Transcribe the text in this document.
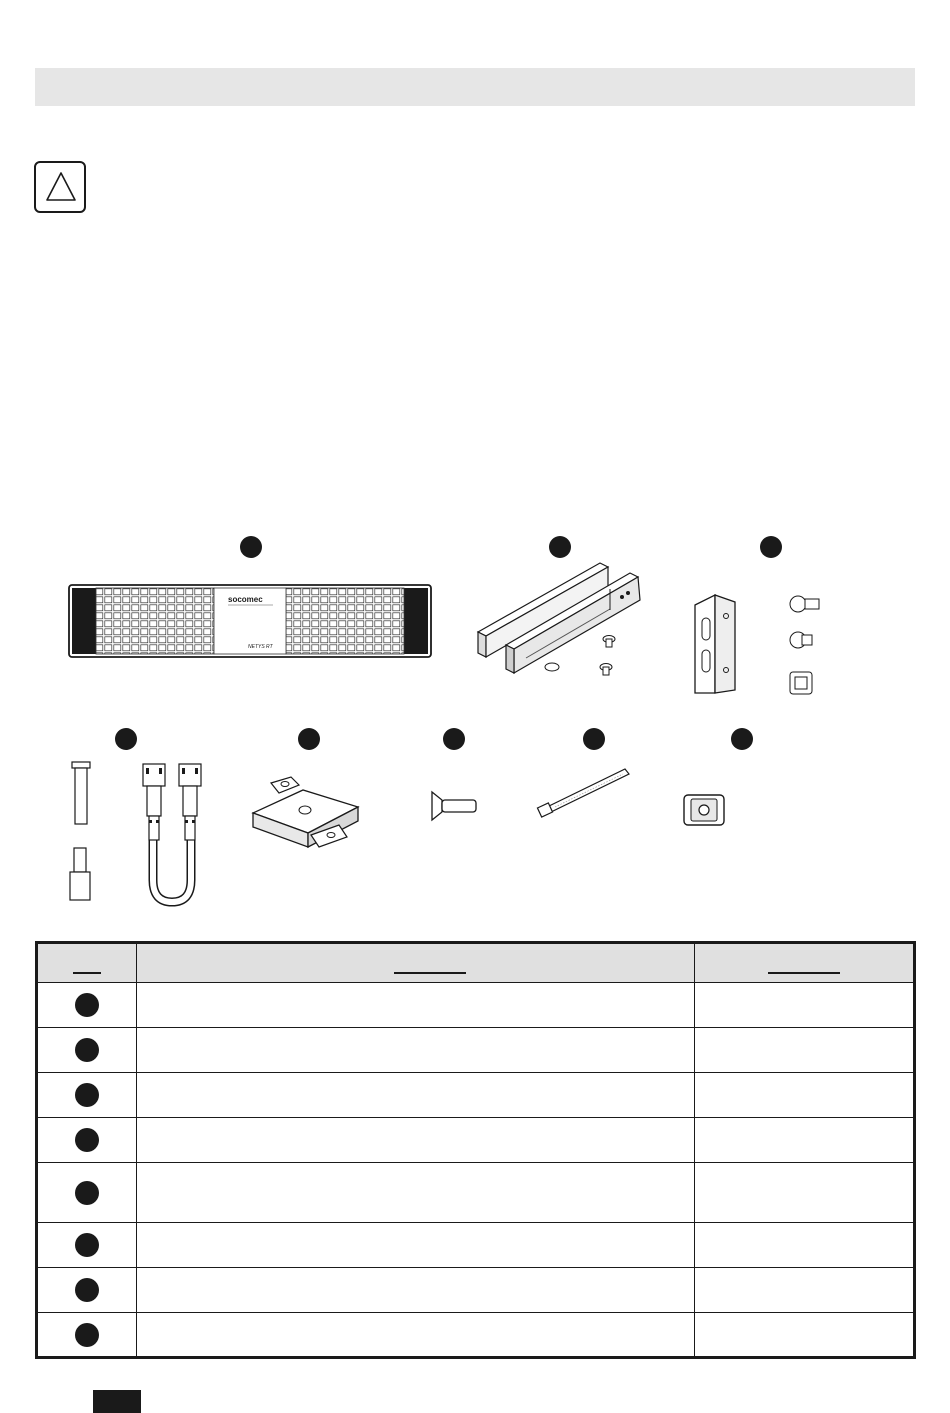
socomec
NETYS RT
